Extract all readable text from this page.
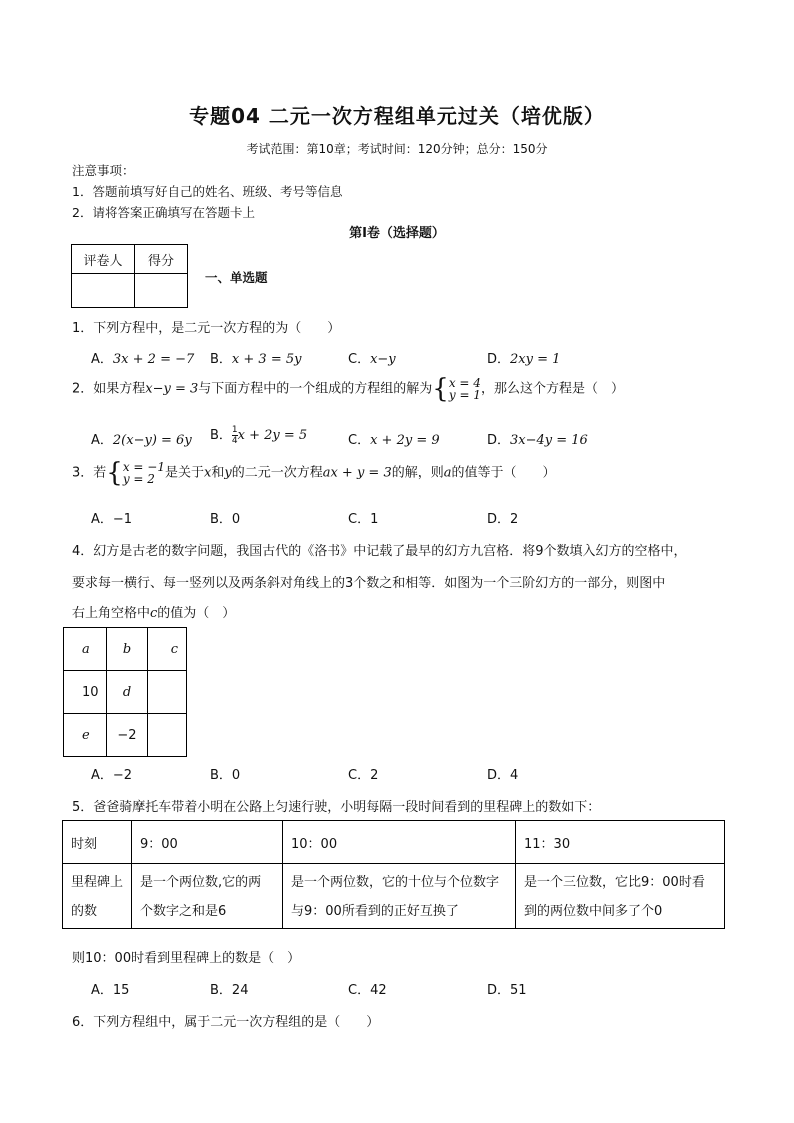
专题04 二元一次方程组单元过关（培优版）
考试范围：第10章；考试时间：120分钟；总分：150分
注意事项：
1．答题前填写好自己的姓名、班级、考号等信息
2．请将答案正确填写在答题卡上
第I卷（选择题）
评卷人	得分

一、单选题
1．下列方程中，是二元一次方程的为（　　）
A．3x + 2 = −7 B．x + 3 = 5y	C．x−y	D．2xy = 1
2．如果方程x−y = 3与下面方程中的一个组成的方程组的解为{ x = 4
y = 1 ，那么这个方程是（　）
A．2(x−y) = 6y B． $\frac{1}{4}$ x + 2y = 5	C．x + 2y = 9	D．3x−4y = 16
3．若{ x = −1
y = 2 是关于x和y的二元一次方程ax + y = 3的解，则a的值等于（　　）
A．−1	B．0	C．1	D．2
4．幻方是古老的数字问题，我国古代的《洛书》中记载了最早的幻方九宫格．将9个数填入幻方的空格中，
要求每一横行、每一竖列以及两条斜对角线上的3个数之和相等．如图为一个三阶幻方的一部分，则图中
右上角空格中c的值为（　）
a	b	c
10	d	
e	−2	
A．−2	B．0	C．2	D．4
5．爸爸骑摩托车带着小明在公路上匀速行驶，小明每隔一段时间看到的里程碑上的数如下：
时刻	9：00	10：00	11：30
里程碑上的数	是一个两位数,它的两个数字之和是6	是一个两位数，它的十位与个位数字与9：00所看到的正好互换了	是一个三位数，它比9：00时看到的两位数中间多了个0
则10：00时看到里程碑上的数是（　）
A．15	B．24	C．42	D．51
6．下列方程组中，属于二元一次方程组的是（　　）
